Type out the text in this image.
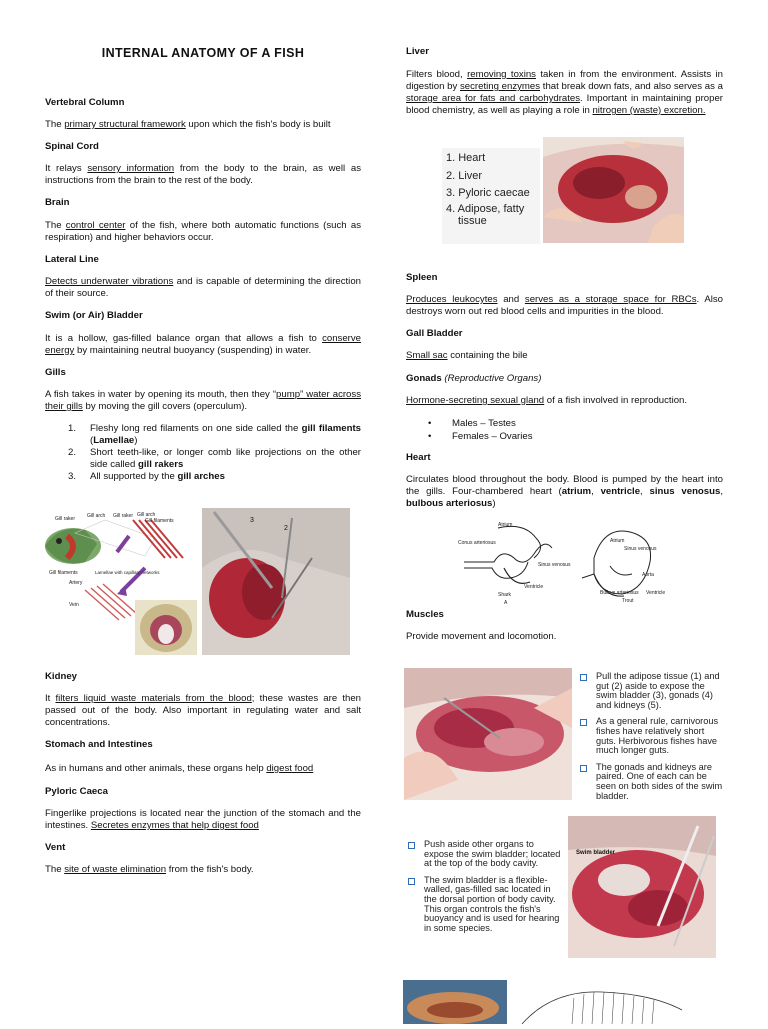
INTERNAL ANATOMY OF A FISH
Vertebral Column

The primary structural framework upon which the fish's body is built

Spinal Cord

It relays sensory information from the body to the brain, as well as instructions from the brain to the rest of the body.

Brain

The control center of the fish, where both automatic functions (such as respiration) and higher behaviors occur.

Lateral Line

Detects underwater vibrations and is capable of determining the direction of their source.

Swim (or Air) Bladder

It is a hollow, gas-filled balance organ that allows a fish to conserve energy by maintaining neutral buoyancy (suspending) in water.

Gills

A fish takes in water by opening its mouth, then they “pump” water across their gills by moving the gill covers (operculum).

1. Fleshy long red filaments on one side called the gill filaments (Lamellae)
2. Short teeth-like, or longer comb like projections on the other side called gill rakers
3. All supported by the gill arches
Gill raker Gill arch Gill raker Gill arch
Gill filaments
Water
Gill filaments
Artery
Lamellae with capillary networks
Vein
3
2
Kidney

It filters liquid waste materials from the blood; these wastes are then passed out of the body. Also important in regulating water and salt concentrations.

Stomach and Intestines

As in humans and other animals, these organs help digest food

Pyloric Caeca

Fingerlike projections is located near the junction of the stomach and the intestines. Secretes enzymes that help digest food

Vent

The site of waste elimination from the fish's body.

Liver

Filters blood, removing toxins taken in from the environment. Assists in digestion by secreting enzymes that break down fats, and also serves as a storage area for fats and carbohydrates. Important in maintaining proper blood chemistry, as well as playing a role in nitrogen (waste) excretion.

1. Heart
2. Liver
3. Pyloric caecae
4. Adipose, fatty
tissue
Spleen

Produces leukocytes and serves as a storage space for RBCs. Also destroys worn out red blood cells and impurities in the blood.

Gall Bladder

Small sac containing the bile

Gonads (Reproductive Organs)

Hormone-secreting sexual gland of a fish involved in reproduction.

• Males – Testes
• Females – Ovaries
Heart

Circulates blood throughout the body. Blood is pumped by the heart into the gills. Four-chambered heart (atrium, ventricle, sinus venosus, bulbous arteriosus)

Conus arteriosus
Atrium
Sinus venosus
Ventricle
Shark
A
Atrium
Sinus venosus
Aorta
Bulbus arteriosus Ventricle
Trout
Muscles

Provide movement and locomotion.

Pull the adipose tissue (1) and gut (2) aside to expose the swim bladder (3), gonads (4) and kidneys (5).
As a general rule, carnivorous fishes have relatively short guts. Herbivorous fishes have much longer guts.
The gonads and kidneys are paired. One of each can be seen on both sides of the swim bladder.
Push aside other organs to expose the swim bladder; located at the top of the body cavity.
The swim bladder is a flexible-walled, gas-filled sac located in the dorsal portion of body cavity. This organ controls the fish's buoyancy and is used for hearing in some species.
Swim bladder
